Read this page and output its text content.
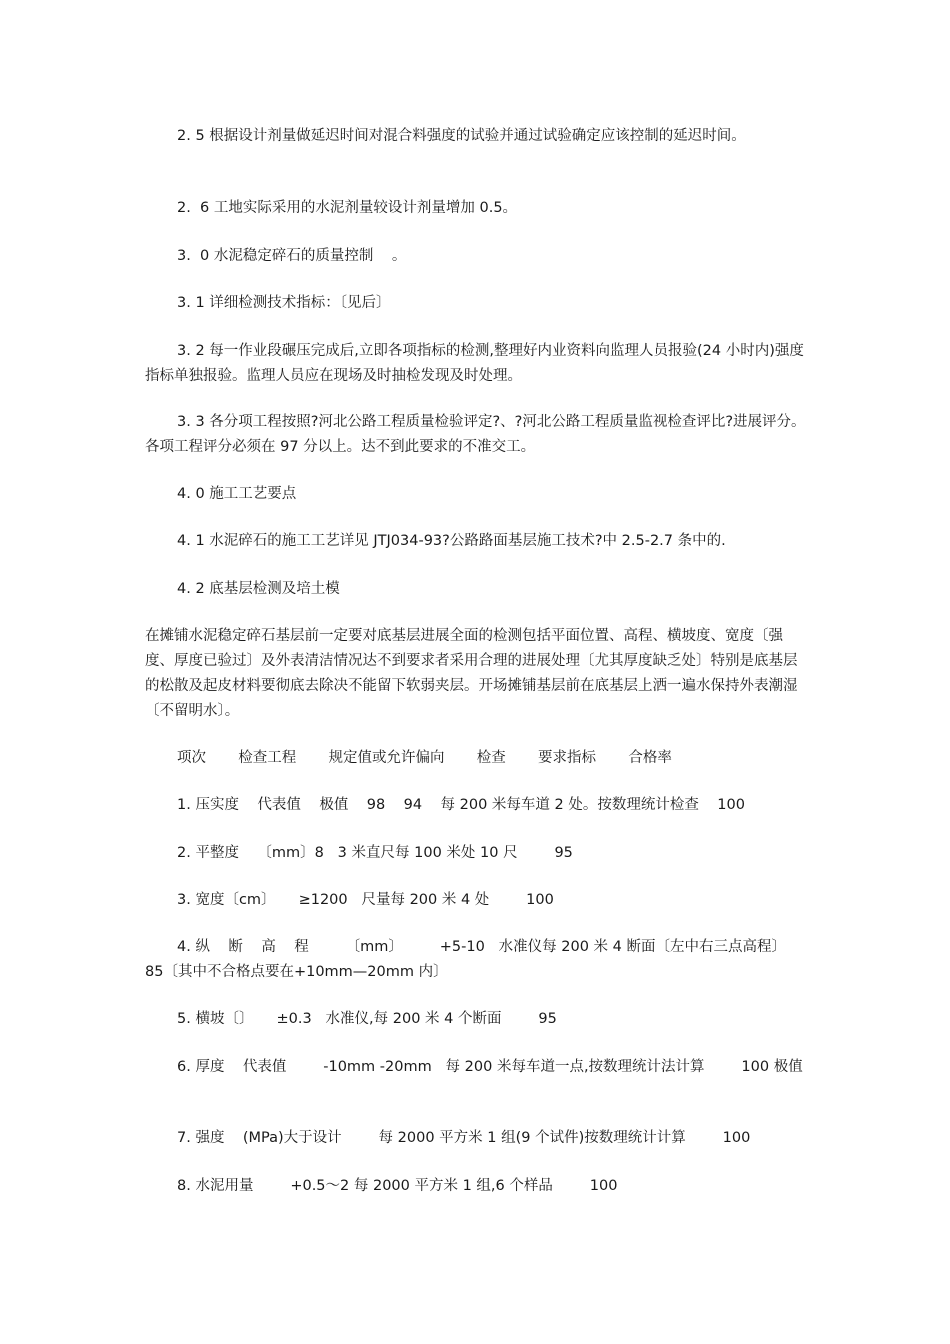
2. 5 根据设计剂量做延迟时间对混合料强度的试验并通过试验确定应该控制的延迟时间。

2.  6 工地实际采用的水泥剂量较设计剂量增加 0.5。

3.  0 水泥稳定碎石的质量控制    。

3. 1 详细检测技术指标：〔见后〕

3. 2 每一作业段碾压完成后,立即各项指标的检测,整理好内业资料向监理人员报验(24 小时内)强度指标单独报验。监理人员应在现场及时抽检发现及时处理。

3. 3 各分项工程按照?河北公路工程质量检验评定?、?河北公路工程质量监视检查评比?进展评分。各项工程评分必须在 97 分以上。达不到此要求的不准交工。

4. 0 施工工艺要点

4. 1 水泥碎石的施工工艺详见 JTJ034-93?公路路面基层施工技术?中 2.5-2.7 条中的.

4. 2 底基层检测及培土模

在摊铺水泥稳定碎石基层前一定要对底基层进展全面的检测包括平面位置、高程、横坡度、宽度〔强度、厚度已验过〕及外表清洁情况达不到要求者采用合理的进展处理〔尤其厚度缺乏处〕特别是底基层的松散及起皮材料要彻底去除决不能留下软弱夹层。开场摊铺基层前在底基层上洒一遍水保持外表潮湿〔不留明水〕。

项次       检查工程       规定值或允许偏向       检查       要求指标       合格率

1. 压实度    代表值    极值    98    94    每 200 米每车道 2 处。按数理统计检查    100

2. 平整度    〔mm〕8   3 米直尺每 100 米处 10 尺        95

3. 宽度〔cm〕     ≥1200   尺量每 200 米 4 处        100

4. 纵    断    高    程        〔mm〕        +5-10   水准仪每 200 米 4 断面〔左中右三点高程〕    85〔其中不合格点要在+10mm—20mm 内〕

5. 横坡〔〕     ±0.3   水准仪,每 200 米 4 个断面        95

6. 厚度    代表值        -10mm -20mm   每 200 米每车道一点,按数理统计法计算        100 极值

7. 强度    (MPa)大于设计        每 2000 平方米 1 组(9 个试件)按数理统计计算        100

8. 水泥用量        +0.5～2 每 2000 平方米 1 组,6 个样品        100
